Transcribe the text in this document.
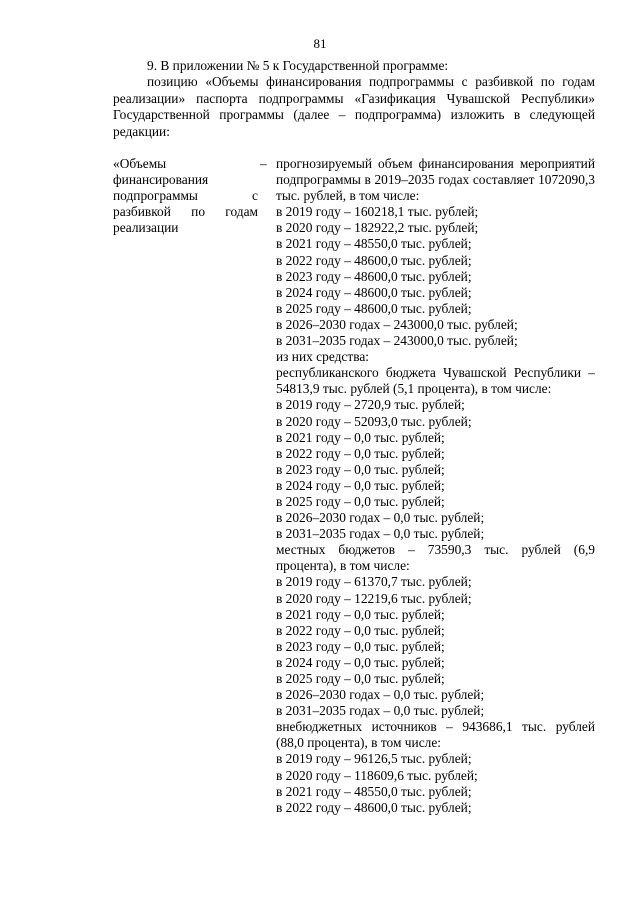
81

9. В приложении № 5 к Государственной программе:

позицию «Объемы финансирования подпрограммы с разбивкой по годам реализации» паспорта подпрограммы «Газификация Чувашской Республики» Государственной программы (далее – подпрограмма) изложить в следующей редакции:

«Объемы финансирования подпрограммы с разбивкой по годам реализации
– прогнозируемый объем финансирования мероприятий подпрограммы в 2019–2035 годах составляет 1072090,3 тыс. рублей, в том числе:
в 2019 году – 160218,1 тыс. рублей;
в 2020 году – 182922,2 тыс. рублей;
в 2021 году – 48550,0 тыс. рублей;
в 2022 году – 48600,0 тыс. рублей;
в 2023 году – 48600,0 тыс. рублей;
в 2024 году – 48600,0 тыс. рублей;
в 2025 году – 48600,0 тыс. рублей;
в 2026–2030 годах – 243000,0 тыс. рублей;
в 2031–2035 годах – 243000,0 тыс. рублей;
из них средства:
республиканского бюджета Чувашской Республики – 54813,9 тыс. рублей (5,1 процента), в том числе:
в 2019 году – 2720,9 тыс. рублей;
в 2020 году – 52093,0 тыс. рублей;
в 2021 году – 0,0 тыс. рублей;
в 2022 году – 0,0 тыс. рублей;
в 2023 году – 0,0 тыс. рублей;
в 2024 году – 0,0 тыс. рублей;
в 2025 году – 0,0 тыс. рублей;
в 2026–2030 годах – 0,0 тыс. рублей;
в 2031–2035 годах – 0,0 тыс. рублей;
местных бюджетов – 73590,3 тыс. рублей (6,9 процента), в том числе:
в 2019 году – 61370,7 тыс. рублей;
в 2020 году – 12219,6 тыс. рублей;
в 2021 году – 0,0 тыс. рублей;
в 2022 году – 0,0 тыс. рублей;
в 2023 году – 0,0 тыс. рублей;
в 2024 году – 0,0 тыс. рублей;
в 2025 году – 0,0 тыс. рублей;
в 2026–2030 годах – 0,0 тыс. рублей;
в 2031–2035 годах – 0,0 тыс. рублей;
внебюджетных источников – 943686,1 тыс. рублей (88,0 процента), в том числе:
в 2019 году – 96126,5 тыс. рублей;
в 2020 году – 118609,6 тыс. рублей;
в 2021 году – 48550,0 тыс. рублей;
в 2022 году – 48600,0 тыс. рублей;
